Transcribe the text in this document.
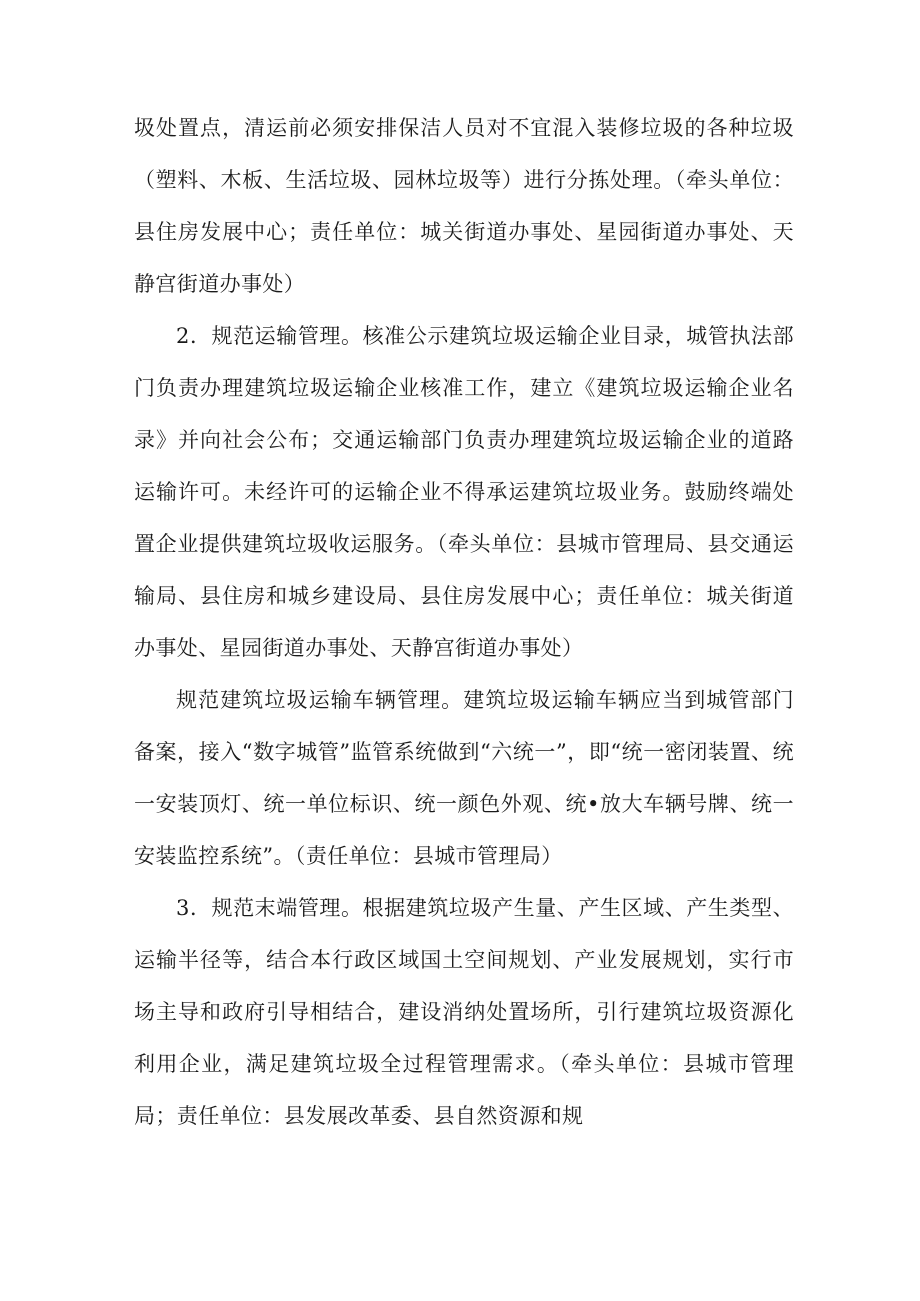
圾处置点，清运前必须安排保洁人员对不宜混入装修垃圾的各种垃圾（塑料、木板、生活垃圾、园林垃圾等）进行分拣处理。（牵头单位：县住房发展中心；责任单位：城关街道办事处、星园街道办事处、天静宫街道办事处）

2．规范运输管理。核准公示建筑垃圾运输企业目录，城管执法部门负责办理建筑垃圾运输企业核准工作，建立《建筑垃圾运输企业名录》并向社会公布；交通运输部门负责办理建筑垃圾运输企业的道路运输许可。未经许可的运输企业不得承运建筑垃圾业务。鼓励终端处置企业提供建筑垃圾收运服务。（牵头单位：县城市管理局、县交通运输局、县住房和城乡建设局、县住房发展中心；责任单位：城关街道办事处、星园街道办事处、天静宫街道办事处）

规范建筑垃圾运输车辆管理。建筑垃圾运输车辆应当到城管部门备案，接入“数字城管”监管系统做到“六统一”，即“统一密闭装置、统一安装顶灯、统一单位标识、统一颜色外观、统•放大车辆号牌、统一安装监控系统”。（责任单位：县城市管理局）

3．规范末端管理。根据建筑垃圾产生量、产生区域、产生类型、运输半径等，结合本行政区域国土空间规划、产业发展规划，实行市场主导和政府引导相结合，建设消纳处置场所，引行建筑垃圾资源化利用企业，满足建筑垃圾全过程管理需求。（牵头单位：县城市管理局；责任单位：县发展改革委、县自然资源和规
